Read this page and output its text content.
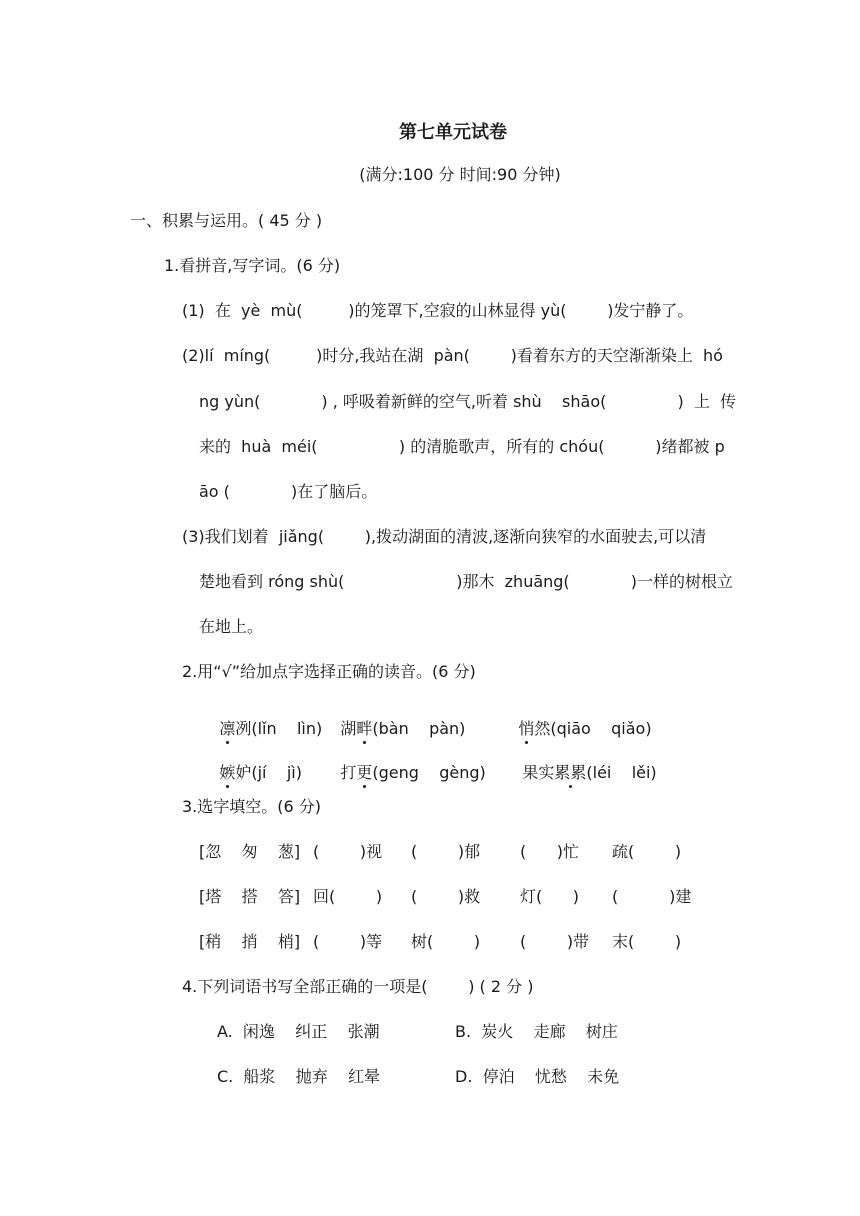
第七单元试卷
(满分:100 分 时间:90 分钟)
一、积累与运用。( 45 分 )
1.看拼音,写字词。(6 分)
(1)  在  yè  mù(         )的笼罩下,空寂的山林显得 yù(        )发宁静了。
(2)lí  míng(         )时分,我站在湖  pàn(        )看着东方的天空渐渐染上  hó
ng yùn(            ) , 呼吸着新鲜的空气,听着 shù    shāo(              )  上  传
来的  huà  méi(                ) 的清脆歌声，所有的 chóu(          )绪都被 p
āo (            )在了脑后。
(3)我们划着  jiǎng(        ),拨动湖面的清波,逐渐向狭窄的水面驶去,可以清
楚地看到 róng shù(                      )那木  zhuāng(            )一样的树根立
在地上。
2.用“√”给加点字选择正确的读音。(6 分)

凛冽(lǐn    lìn)
	湖畔(bàn    pàn)
	悄然(qiāo    qiǎo)

嫉妒(jí    jì)
	打更(geng    gèng)
	果实累累(léi    lěi)

3.选字填空。(6 分)
[忽    匆    葱] (        )视 (        )郁 (      )忙 疏(        )
[塔    搭    答] 回(        ) (        )救 灯(      ) (          )建
[稍    捎    梢] (        )等 树(        ) (        )带 末(        )
4.下列词语书写全部正确的一项是(        ) ( 2 分 )
A.  闲逸    纠正    张潮	B.  炭火    走廊    树庄
C.  船浆    抛弃    红晕	D.  停泊    忧愁    未免
